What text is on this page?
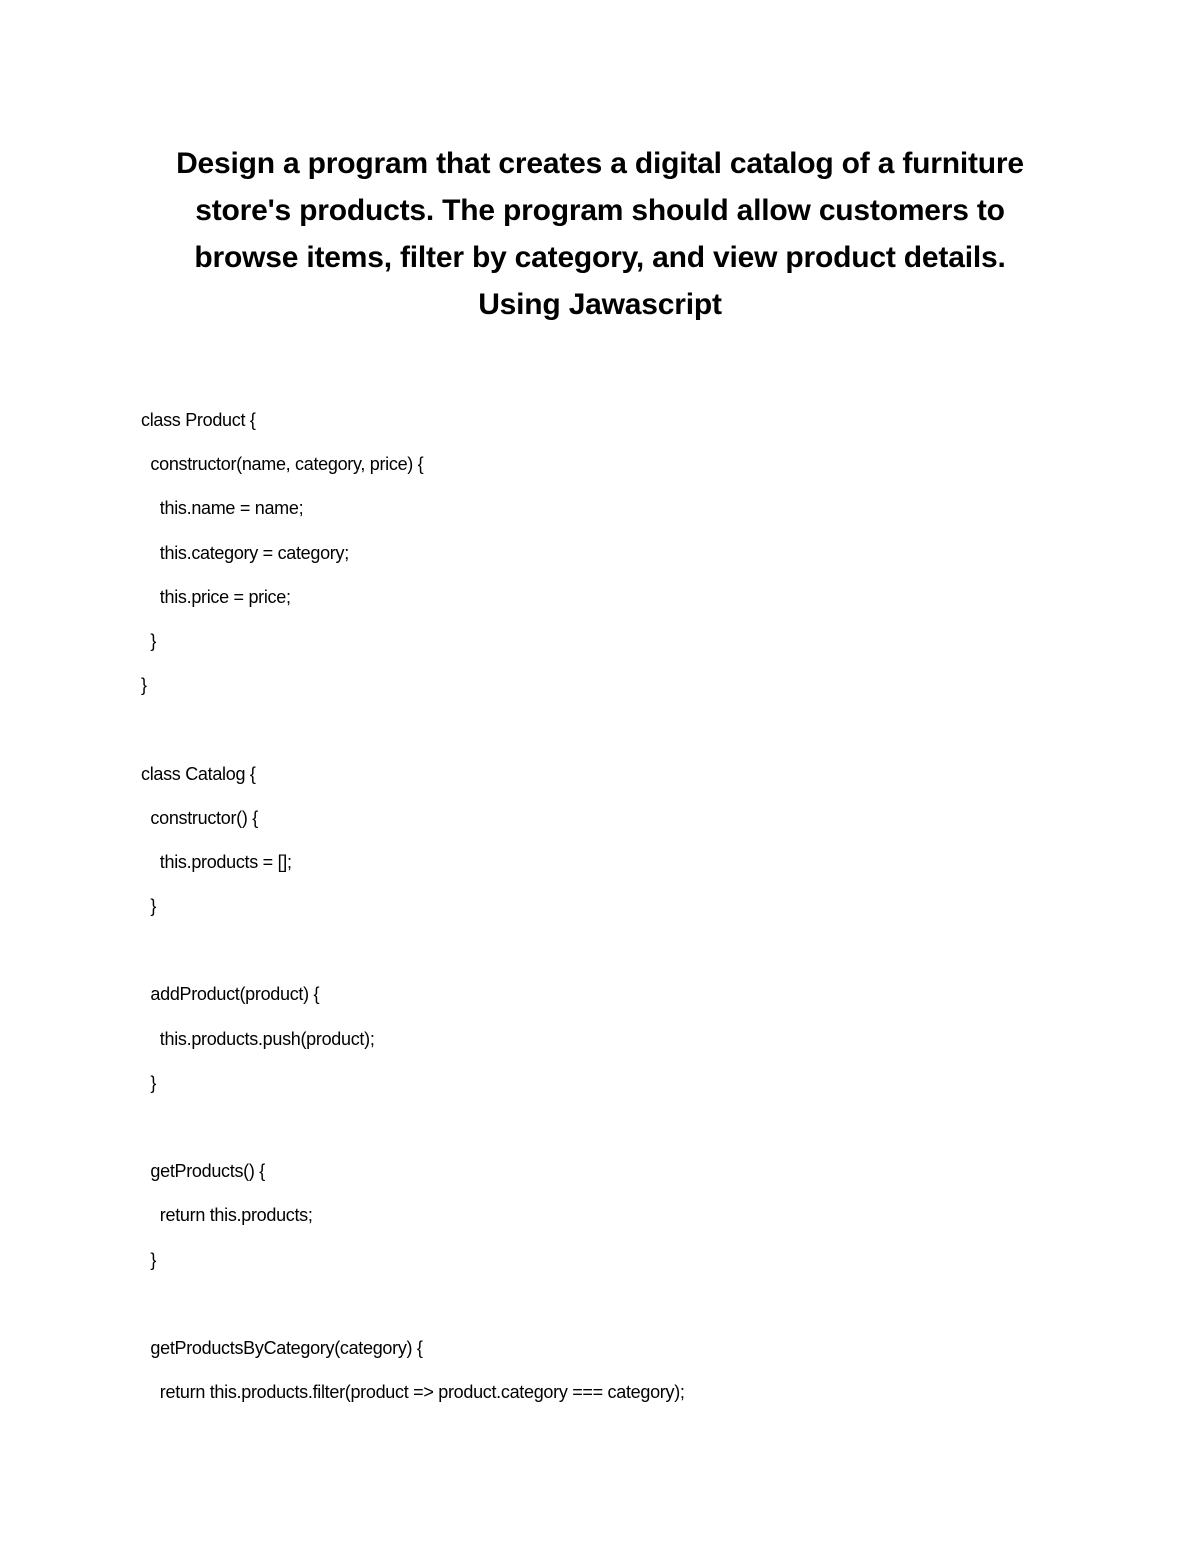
Design a program that creates a digital catalog of a furniture
store's products. The program should allow customers to
browse items, filter by category, and view product details.
Using Jawascript
class Product {
constructor(name, category, price) {
this.name = name;
this.category = category;
this.price = price;
}
}
class Catalog {
constructor() {
this.products = [];
}
addProduct(product) {
this.products.push(product);
}
getProducts() {
return this.products;
}
getProductsByCategory(category) {
return this.products.filter(product => product.category === category);
